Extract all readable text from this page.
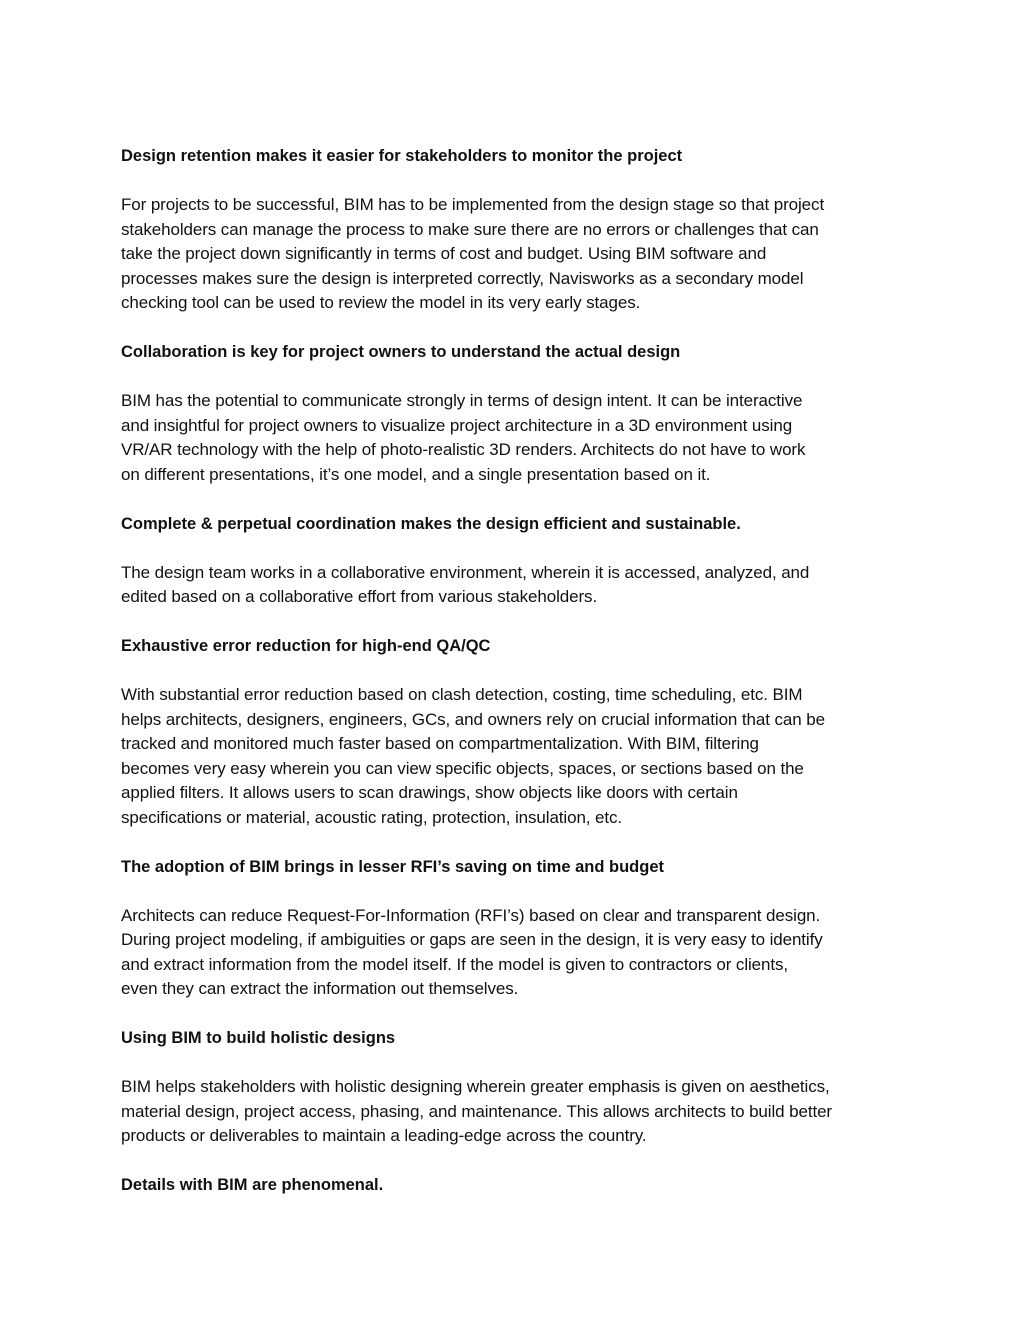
Design retention makes it easier for stakeholders to monitor the project
For projects to be successful, BIM has to be implemented from the design stage so that project
stakeholders can manage the process to make sure there are no errors or challenges that can
take the project down significantly in terms of cost and budget. Using BIM software and
processes makes sure the design is interpreted correctly, Navisworks as a secondary model
checking tool can be used to review the model in its very early stages.
Collaboration is key for project owners to understand the actual design
BIM has the potential to communicate strongly in terms of design intent. It can be interactive
and insightful for project owners to visualize project architecture in a 3D environment using
VR/AR technology with the help of photo-realistic 3D renders. Architects do not have to work
on different presentations, it’s one model, and a single presentation based on it.
Complete & perpetual coordination makes the design efficient and sustainable.
The design team works in a collaborative environment, wherein it is accessed, analyzed, and
edited based on a collaborative effort from various stakeholders.
Exhaustive error reduction for high-end QA/QC
With substantial error reduction based on clash detection, costing, time scheduling, etc. BIM
helps architects, designers, engineers, GCs, and owners rely on crucial information that can be
tracked and monitored much faster based on compartmentalization. With BIM, filtering
becomes very easy wherein you can view specific objects, spaces, or sections based on the
applied filters. It allows users to scan drawings, show objects like doors with certain
specifications or material, acoustic rating, protection, insulation, etc.
The adoption of BIM brings in lesser RFI’s saving on time and budget
Architects can reduce Request-For-Information (RFI’s) based on clear and transparent design.
During project modeling, if ambiguities or gaps are seen in the design, it is very easy to identify
and extract information from the model itself. If the model is given to contractors or clients,
even they can extract the information out themselves.
Using BIM to build holistic designs
BIM helps stakeholders with holistic designing wherein greater emphasis is given on aesthetics,
material design, project access, phasing, and maintenance. This allows architects to build better
products or deliverables to maintain a leading-edge across the country.
Details with BIM are phenomenal.
